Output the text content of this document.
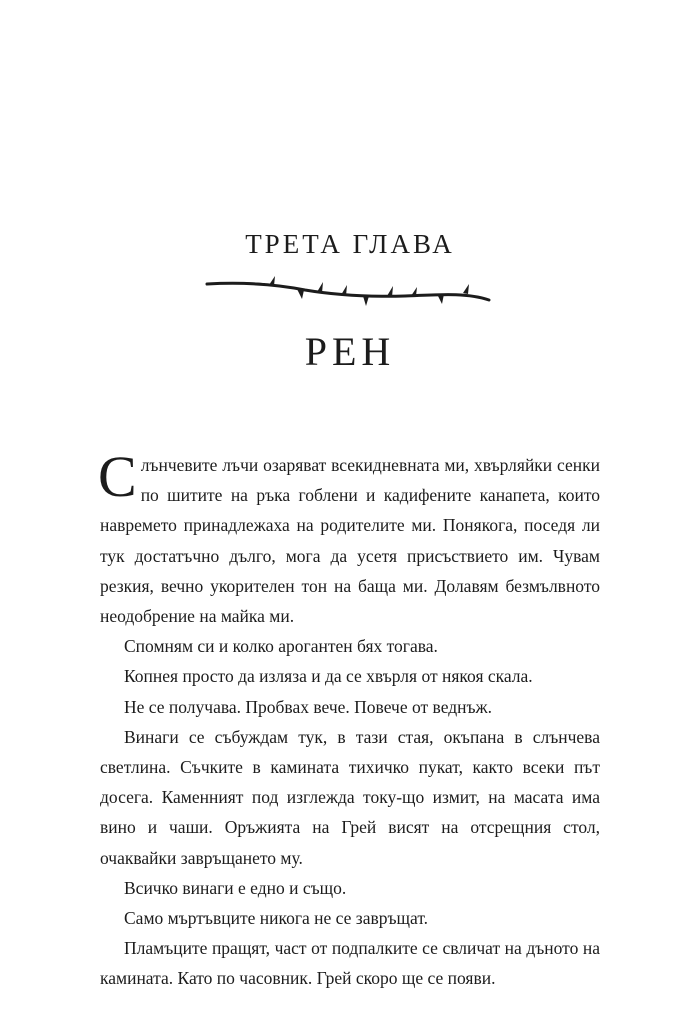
ТРЕТА ГЛАВА
РЕН

Слънчевите лъчи озаряват всекидневната ми, хвърляйки сенки по шитите на ръка гоблени и кадифените канапета, които навремето принадлежаха на родителите ми. Понякога, поседя ли тук достатъчно дълго, мога да усетя присъствието им. Чувам резкия, вечно укорителен тон на баща ми. Долавям безмълвното неодобрение на майка ми.

Спомням си и колко арогантен бях тогава.

Копнея просто да изляза и да се хвърля от някоя скала.

Не се получава. Пробвах вече. Повече от веднъж.

Винаги се събуждам тук, в тази стая, окъпана в слънчева светлина. Съчките в камината тихичко пукат, както всеки път досега. Каменният под изглежда току-що измит, на масата има вино и чаши. Оръжията на Грей висят на отсрещния стол, очаквайки завръщането му.

Всичко винаги е едно и също.

Само мъртъвците никога не се завръщат.

Пламъците пращят, част от подпалките се свличат на дъното на камината. Като по часовник. Грей скоро ще се появи.
